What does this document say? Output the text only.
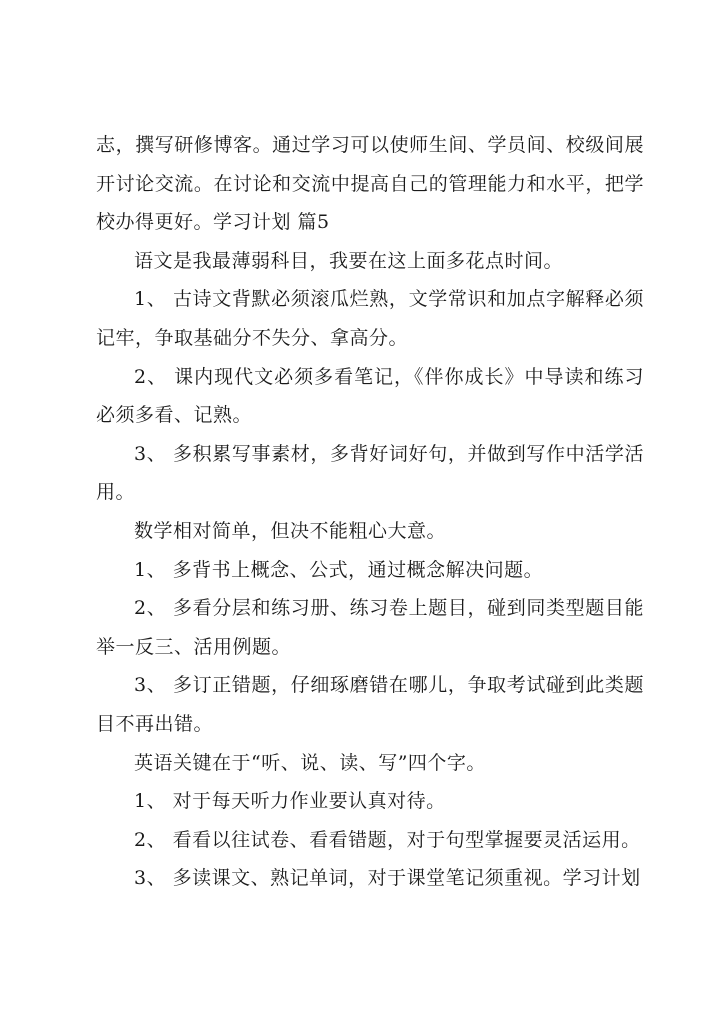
志，撰写研修博客。通过学习可以使师生间、学员间、校级间展开讨论交流。在讨论和交流中提高自己的管理能力和水平，把学校办得更好。学习计划 篇5

语文是我最薄弱科目，我要在这上面多花点时间。

1、 古诗文背默必须滚瓜烂熟，文学常识和加点字解释必须记牢，争取基础分不失分、拿高分。

2、 课内现代文必须多看笔记，《伴你成长》中导读和练习必须多看、记熟。

3、 多积累写事素材，多背好词好句，并做到写作中活学活用。

数学相对简单，但决不能粗心大意。

1、 多背书上概念、公式，通过概念解决问题。

2、 多看分层和练习册、练习卷上题目，碰到同类型题目能举一反三、活用例题。

3、 多订正错题，仔细琢磨错在哪儿，争取考试碰到此类题目不再出错。

英语关键在于“听、说、读、写”四个字。

1、 对于每天听力作业要认真对待。

2、 看看以往试卷、看看错题，对于句型掌握要灵活运用。

3、 多读课文、熟记单词，对于课堂笔记须重视。学习计划
